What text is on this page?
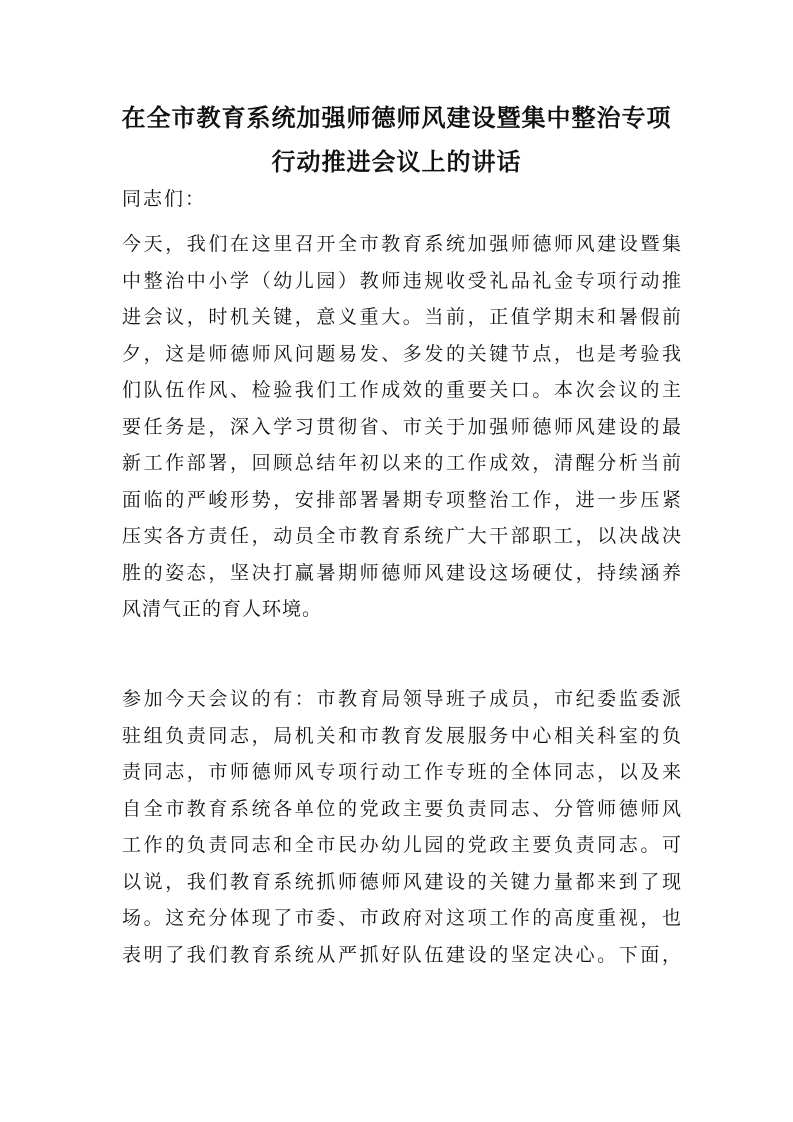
在全市教育系统加强师德师风建设暨集中整治专项
行动推进会议上的讲话
同志们：
今天，我们在这里召开全市教育系统加强师德师风建设暨集
中整治中小学（幼儿园）教师违规收受礼品礼金专项行动推
进会议，时机关键，意义重大。当前，正值学期末和暑假前
夕，这是师德师风问题易发、多发的关键节点，也是考验我
们队伍作风、检验我们工作成效的重要关口。本次会议的主
要任务是，深入学习贯彻省、市关于加强师德师风建设的最
新工作部署，回顾总结年初以来的工作成效，清醒分析当前
面临的严峻形势，安排部署暑期专项整治工作，进一步压紧
压实各方责任，动员全市教育系统广大干部职工，以决战决
胜的姿态，坚决打赢暑期师德师风建设这场硬仗，持续涵养
风清气正的育人环境。
参加今天会议的有：市教育局领导班子成员，市纪委监委派
驻组负责同志，局机关和市教育发展服务中心相关科室的负
责同志，市师德师风专项行动工作专班的全体同志，以及来
自全市教育系统各单位的党政主要负责同志、分管师德师风
工作的负责同志和全市民办幼儿园的党政主要负责同志。可
以说，我们教育系统抓师德师风建设的关键力量都来到了现
场。这充分体现了市委、市政府对这项工作的高度重视，也
表明了我们教育系统从严抓好队伍建设的坚定决心。下面，
